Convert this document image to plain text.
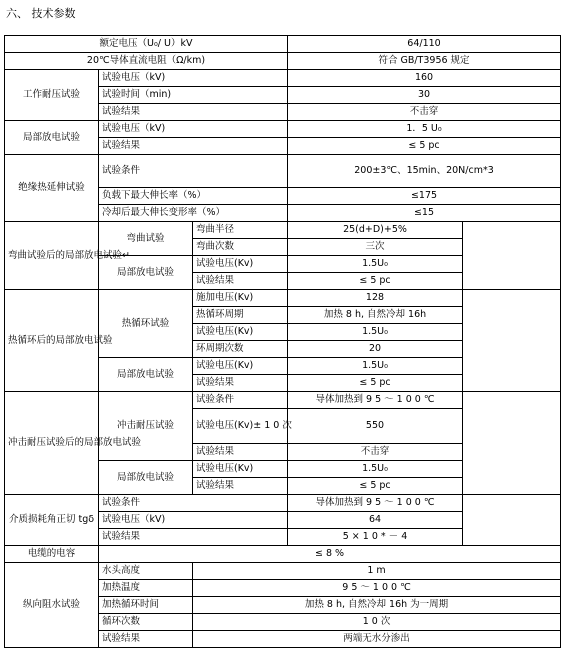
六、 技术参数
额定电压（U₀/ U）kV			64/110	
20℃导体直流电阻（Ω/km)			符合 GB/T3956 规定	
工作耐压试验	试验电压（kV)		160	
	试验时间（min)		30	
	试验结果		不击穿	
局部放电试验	试验电压（kV)		1．5 U₀	
	试验结果		≤ 5 pc	
绝缘热延伸试验	试验条件		200±3℃、15min、20N/cm*3	
	负载下最大伸长率（%）		≤175	
	冷却后最大伸长变形率（%）		≤15	
弯曲试验后的局部放电试验↵	弯曲试验	弯曲半径	25(d+D)+5%	
		弯曲次数	三次	
	局部放电试验	试验电压(Kv)	1.5U₀	
		试验结果	≤ 5 pc	
热循环后的局部放电试验	热循环试验	施加电压(Kv)	128	
		热循环周期	加热 8 h, 自然冷却 16h	
		试验电压(Kv)	1.5U₀	
		环周期次数	20	
	局部放电试验	试验电压(Kv)	1.5U₀	
		试验结果	≤ 5 pc	
冲击耐压试验后的局部放电试验	冲击耐压试验	试验条件	导体加热到 9 5 ～ 1 0 0 ℃	
		试验电压(Kv)± 1 0 次	550	
		试验结果	不击穿	
	局部放电试验	试验电压(Kv)	1.5U₀	
		试验结果	≤ 5 pc	
介质损耗角正切 tgδ	试验条件		导体加热到 9 5 ～ 1 0 0 ℃	
	试验电压（kV)		64	
	试验结果		5 × 1 0 * － 4	
电缆的电容	≤ 8 %			
纵向阻水试验	水头高度	1 m		
	加热温度	9 5 ～ 1 0 0 ℃		
	加热循环时间	加热 8 h, 自然冷却 16h 为一周期		
	循环次数	1 0 次		
	试验结果	两端无水分渗出		
